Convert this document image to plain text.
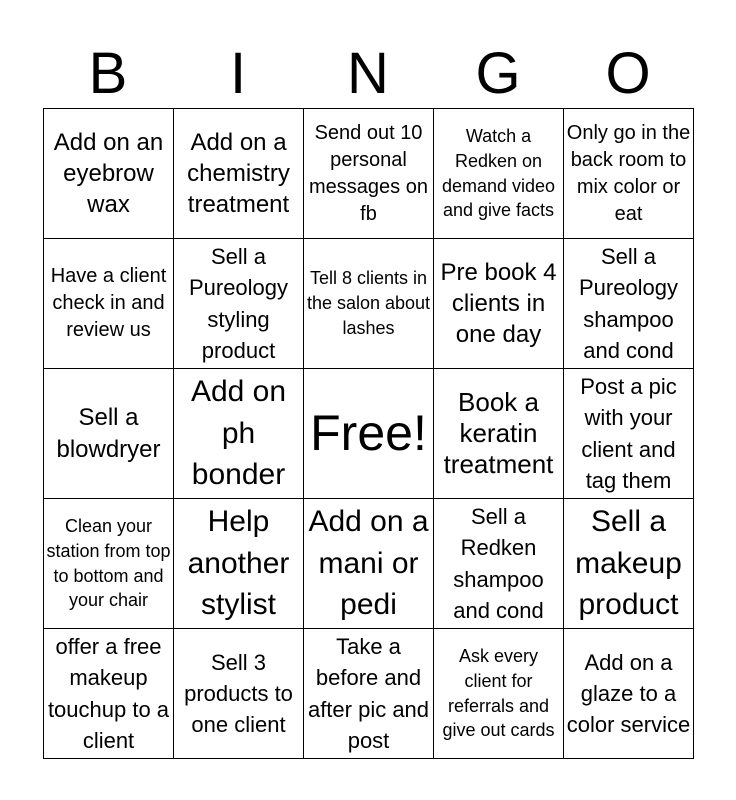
B	I	N	G	O
Add on an eyebrow wax	Add on a chemistry treatment	Send out 10 personal messages on fb	Watch a Redken on demand video and give facts	Only go in the back room to mix color or eat
Have a client check in and review us	Sell a Pureology styling product	Tell 8 clients in the salon about lashes	Pre book 4 clients in one day	Sell a Pureology shampoo and cond
Sell a blowdryer	Add on ph bonder	Free!	Book a keratin treatment	Post a pic with your client and tag them
Clean your station from top to bottom and your chair	Help another stylist	Add on a mani or pedi	Sell a Redken shampoo and cond	Sell a makeup product
offer a free makeup touchup to a client	Sell 3 products to one client	Take a before and after pic and post	Ask every client for referrals and give out cards	Add on a glaze to a color service
